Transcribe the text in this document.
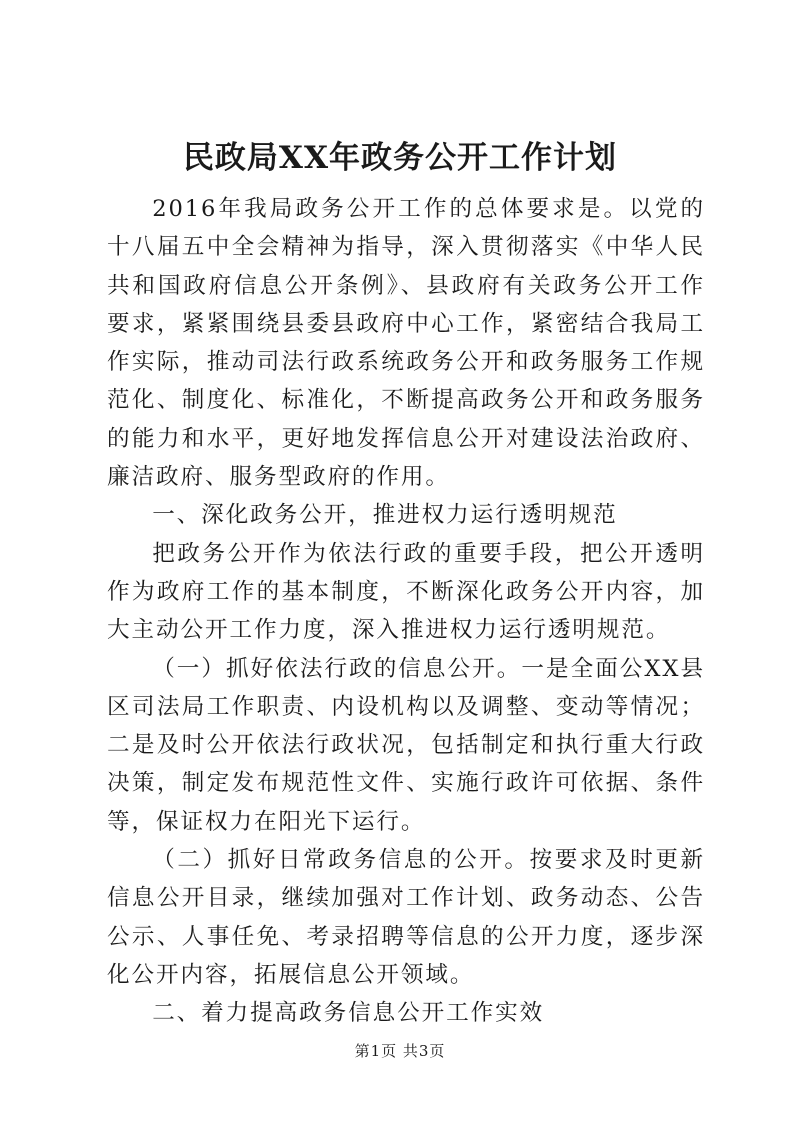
民政局XX年政务公开工作计划

2016年我局政务公开工作的总体要求是。以党的十八届五中全会精神为指导，深入贯彻落实《中华人民共和国政府信息公开条例》、县政府有关政务公开工作要求，紧紧围绕县委县政府中心工作，紧密结合我局工作实际，推动司法行政系统政务公开和政务服务工作规范化、制度化、标准化，不断提高政务公开和政务服务的能力和水平，更好地发挥信息公开对建设法治政府、廉洁政府、服务型政府的作用。

一、深化政务公开，推进权力运行透明规范

把政务公开作为依法行政的重要手段，把公开透明作为政府工作的基本制度，不断深化政务公开内容，加大主动公开工作力度，深入推进权力运行透明规范。

（一）抓好依法行政的信息公开。一是全面公XX县区司法局工作职责、内设机构以及调整、变动等情况；二是及时公开依法行政状况，包括制定和执行重大行政决策，制定发布规范性文件、实施行政许可依据、条件等，保证权力在阳光下运行。

（二）抓好日常政务信息的公开。按要求及时更新信息公开目录，继续加强对工作计划、政务动态、公告公示、人事任免、考录招聘等信息的公开力度，逐步深化公开内容，拓展信息公开领域。

二、着力提高政务信息公开工作实效

第1页 共3页
